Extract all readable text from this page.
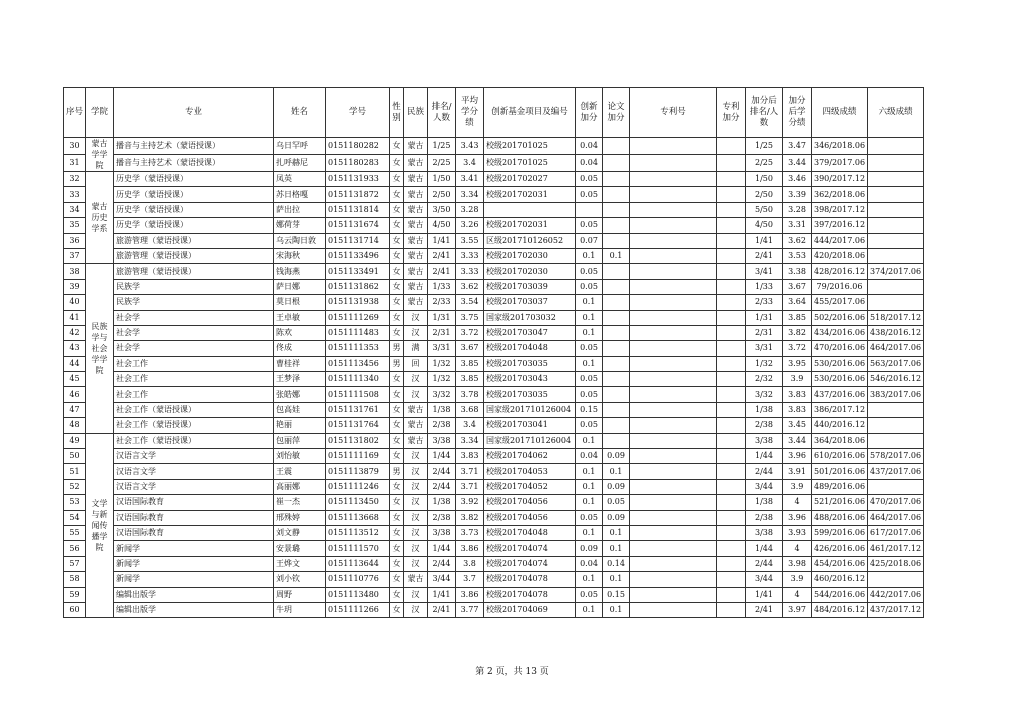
序号	学院	专业	姓名	学号	性别	民族	排名/人数	平均学分绩	创新基金项目及编号	创新加分	论文加分	专利号	专利加分	加分后排名/人数	加分后学分绩	四级成绩	六级成绩
30	蒙古学学院	播音与主持艺术（蒙语授课）	乌日罕呼	0151180282	女	蒙古	1/25	3.43	校级201701025	0.04				1/25	3.47	346/2018.06	
31		播音与主持艺术（蒙语授课）	扎呼赫尼	0151180283	女	蒙古	2/25	3.4	校级201701025	0.04				2/25	3.44	379/2017.06	
32	蒙古历史学系	历史学（蒙语授课）	凤英	0151131933	女	蒙古	1/50	3.41	校级201702027	0.05				1/50	3.46	390/2017.12	
33		历史学（蒙语授课）	苏日格嘎	0151131872	女	蒙古	2/50	3.34	校级201702031	0.05				2/50	3.39	362/2018.06	
34		历史学（蒙语授课）	萨出拉	0151131814	女	蒙古	3/50	3.28						5/50	3.28	398/2017.12	
35		历史学（蒙语授课）	娜荷芽	0151131674	女	蒙古	4/50	3.26	校级201702031	0.05				4/50	3.31	397/2016.12	
36		旅游管理（蒙语授课）	乌云陶日敦	0151131714	女	蒙古	1/41	3.55	区级201710126052	0.07				1/41	3.62	444/2017.06	
37		旅游管理（蒙语授课）	宋海秋	0151133496	女	蒙古	2/41	3.33	校级201702030	0.1	0.1			2/41	3.53	420/2018.06	
38	民族学与社会学学院	旅游管理（蒙语授课）	钱海燕	0151133491	女	蒙古	2/41	3.33	校级201702030	0.05				3/41	3.38	428/2016.12	374/2017.06
39		民族学	萨日娜	0151131862	女	蒙古	1/33	3.62	校级201703039	0.05				1/33	3.67	79/2016.06	
40		民族学	莫日根	0151131938	女	蒙古	2/33	3.54	校级201703037	0.1				2/33	3.64	455/2017.06	
41		社会学	王卓敏	0151111269	女	汉	1/31	3.75	国家级201703032	0.1				1/31	3.85	502/2016.06	518/2017.12
42		社会学	陈欢	0151111483	女	汉	2/31	3.72	校级201703047	0.1				2/31	3.82	434/2016.06	438/2016.12
43		社会学	佟成	0151111353	男	满	3/31	3.67	校级201704048	0.05				3/31	3.72	470/2016.06	464/2017.06
44		社会工作	曹桂祥	0151113456	男	回	1/32	3.85	校级201703035	0.1				1/32	3.95	530/2016.06	563/2017.06
45		社会工作	王梦泽	0151111340	女	汉	1/32	3.85	校级201703043	0.05				2/32	3.9	530/2016.06	546/2016.12
46		社会工作	张皓娜	0151111508	女	汉	3/32	3.78	校级201703035	0.05				3/32	3.83	437/2016.06	383/2017.06
47		社会工作（蒙语授课）	包高娃	0151131761	女	蒙古	1/38	3.68	国家级201710126004	0.15				1/38	3.83	386/2017.12	
48		社会工作（蒙语授课）	艳丽	0151131764	女	蒙古	2/38	3.4	校级201703041	0.05				2/38	3.45	440/2016.12	
49	文学与新闻传播学院	社会工作（蒙语授课）	包丽萍	0151131802	女	蒙古	3/38	3.34	国家级201710126004	0.1				3/38	3.44	364/2018.06	
50		汉语言文学	刘怡敏	0151111169	女	汉	1/44	3.83	校级201704062	0.04	0.09			1/44	3.96	610/2016.06	578/2017.06
51		汉语言文学	王震	0151113879	男	汉	2/44	3.71	校级201704053	0.1	0.1			2/44	3.91	501/2016.06	437/2017.06
52		汉语言文学	高丽娜	0151111246	女	汉	2/44	3.71	校级201704052	0.1	0.09			3/44	3.9	489/2016.06	
53		汉语国际教育	崔一杰	0151113450	女	汉	1/38	3.92	校级201704056	0.1	0.05			1/38	4	521/2016.06	470/2017.06
54		汉语国际教育	邢殊婷	0151113668	女	汉	2/38	3.82	校级201704056	0.05	0.09			2/38	3.96	488/2016.06	464/2017.06
55		汉语国际教育	刘文静	0151113512	女	汉	3/38	3.73	校级201704048	0.1	0.1			3/38	3.93	599/2016.06	617/2017.06
56		新闻学	安景璐	0151111570	女	汉	1/44	3.86	校级201704074	0.09	0.1			1/44	4	426/2016.06	461/2017.12
57		新闻学	王烨文	0151113644	女	汉	2/44	3.8	校级201704074	0.04	0.14			2/44	3.98	454/2016.06	425/2018.06
58		新闻学	刘小钦	0151110776	女	蒙古	3/44	3.7	校级201704078	0.1	0.1			3/44	3.9	460/2016.12	
59		编辑出版学	周野	0151113480	女	汉	1/41	3.86	校级201704078	0.05	0.15			1/41	4	544/2016.06	442/2017.06
60		编辑出版学	牛玥	0151111266	女	汉	2/41	3.77	校级201704069	0.1	0.1			2/41	3.97	484/2016.12	437/2017.12
第 2 页，共 13 页
